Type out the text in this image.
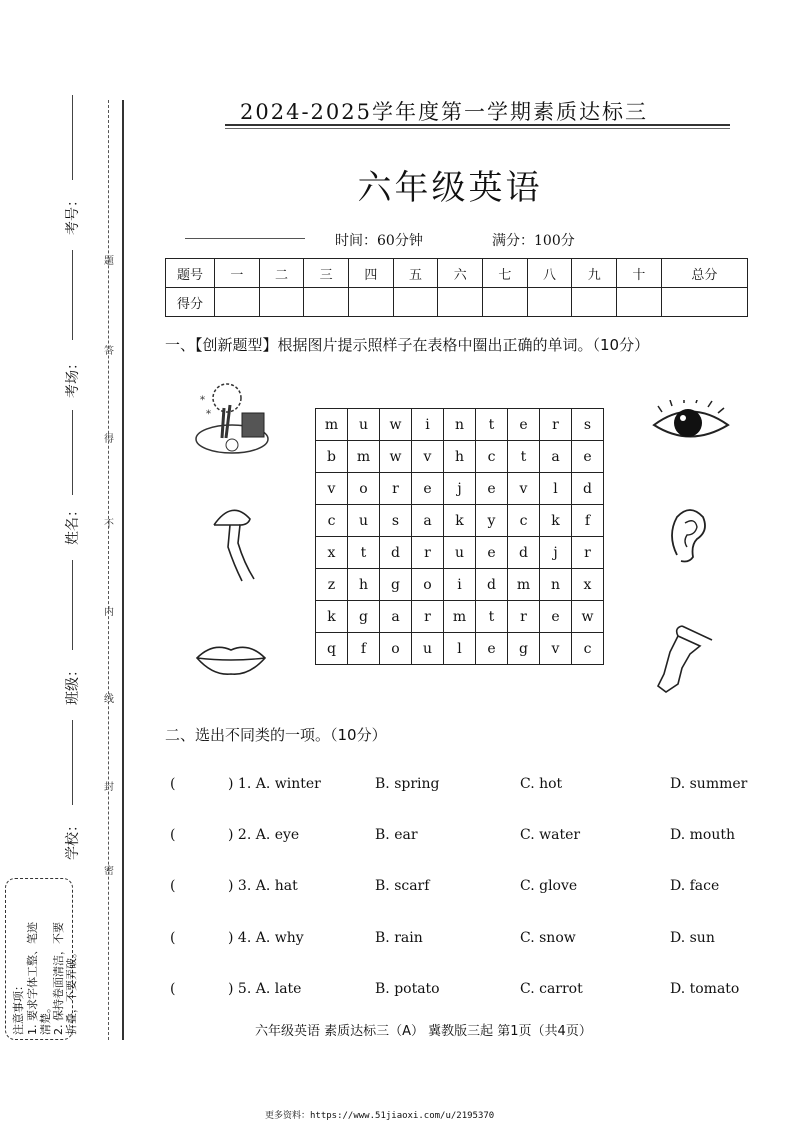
考号：
考场：
姓名：
班级：
学校：
题
答
得
不
内
线
封
密
注意事项： 1. 要求字体工整、笔迹 清楚。 2. 保持卷面清洁，不要 折叠，不要弄破。
2024-2025学年度第一学期素质达标三
六年级英语
时间：60分钟	满分：100分
题号	一	二	三	四	五	六	七	八	九	十	总分
得分											
一、【创新题型】根据图片提示照样子在表格中圈出正确的单词。（10分）
m	u	w	i	n	t	e	r	s
b	m	w	v	h	c	t	a	e
v	o	r	e	j	e	v	l	d
c	u	s	a	k	y	c	k	f
x	t	d	r	u	e	d	j	r
z	h	g	o	i	d	m	n	x
k	g	a	r	m	t	r	e	w
q	f	o	u	l	e	g	v	c
*
*
二、选出不同类的一项。（10分）
(	) 1. A. winter	B. spring	C. hot	D. summer
(	) 2. A. eye	B. ear	C. water	D. mouth
(	) 3. A. hat	B. scarf	C. glove	D. face
(	) 4. A. why	B. rain	C. snow	D. sun
(	) 5. A. late	B. potato	C. carrot	D. tomato
六年级英语 素质达标三（A） 冀教版三起 第1页（共4页）
更多资料：https://www.51jiaoxi.com/u/2195370
